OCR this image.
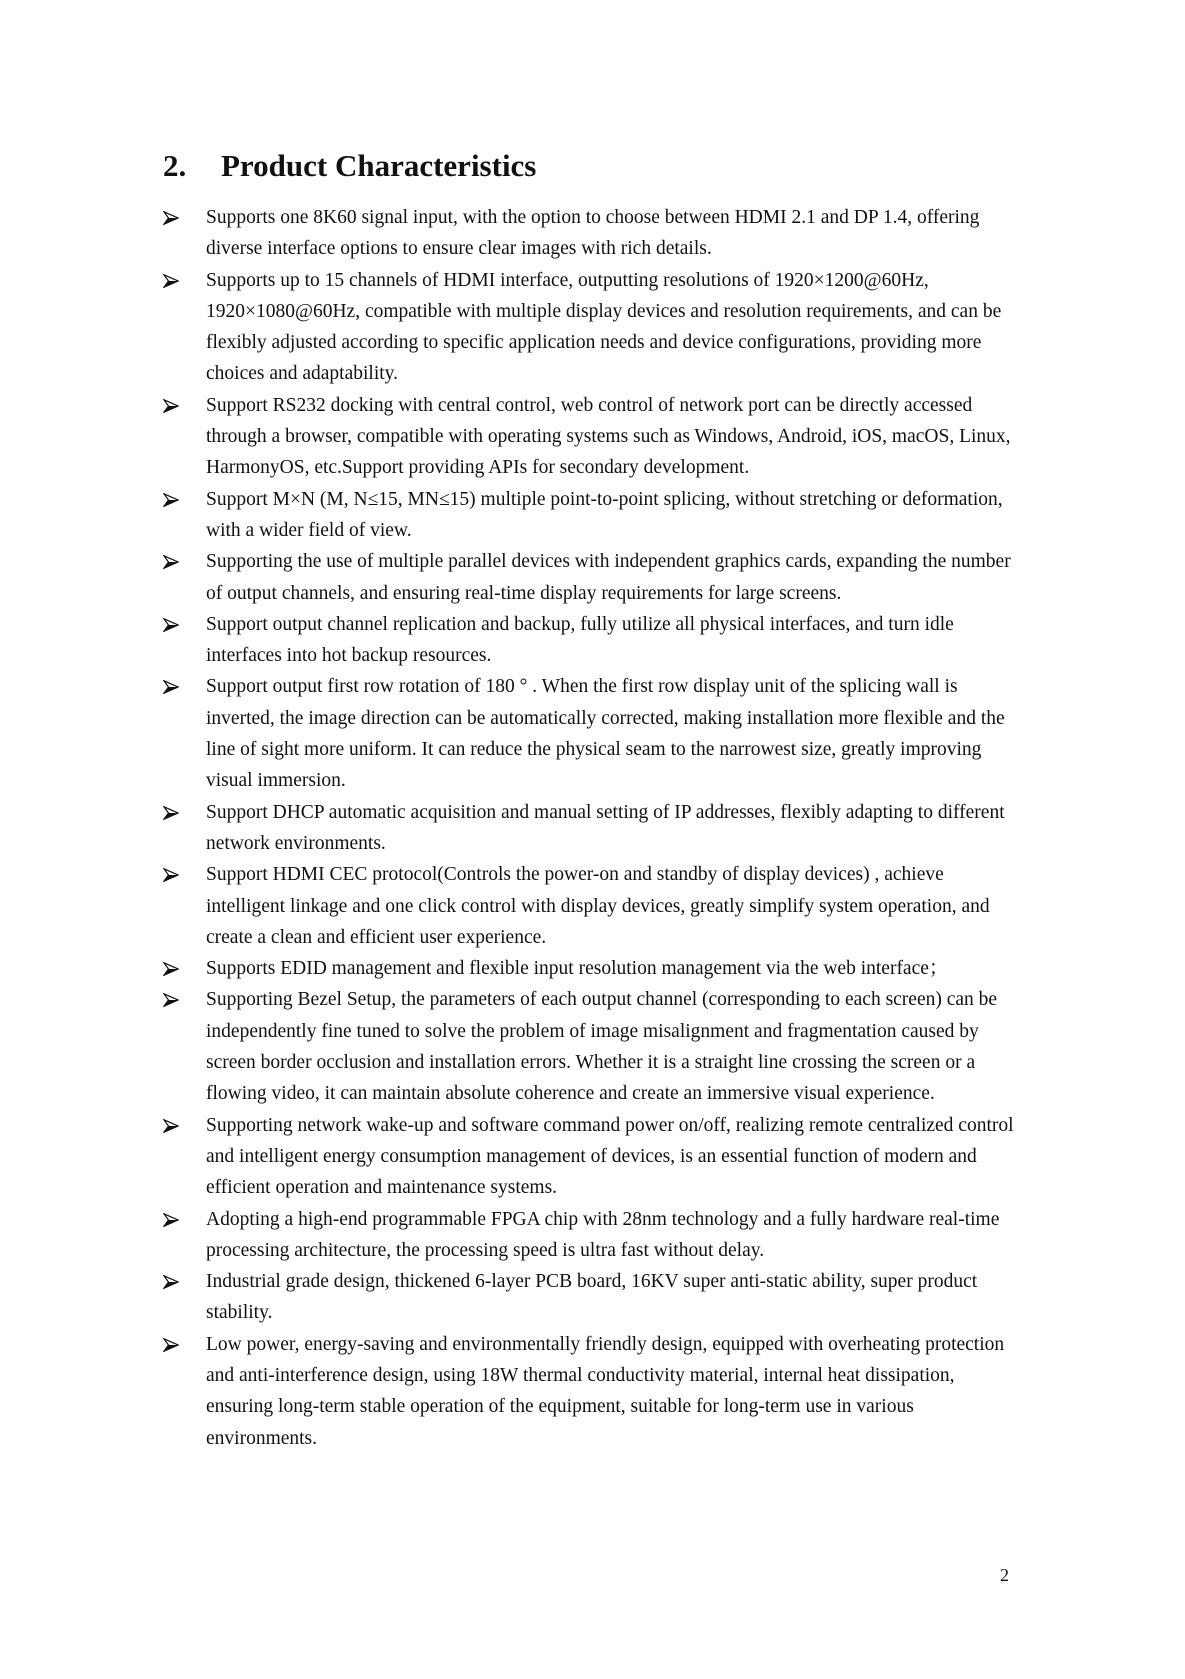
2. Product Characteristics
Supports one 8K60 signal input, with the option to choose between HDMI 2.1 and DP 1.4, offering diverse interface options to ensure clear images with rich details.
Supports up to 15 channels of HDMI interface, outputting resolutions of 1920×1200@60Hz, 1920×1080@60Hz, compatible with multiple display devices and resolution requirements, and can be flexibly adjusted according to specific application needs and device configurations, providing more choices and adaptability.
Support RS232 docking with central control, web control of network port can be directly accessed through a browser, compatible with operating systems such as Windows, Android, iOS, macOS, Linux, HarmonyOS, etc.Support providing APIs for secondary development.
Support M×N (M, N≤15, MN≤15) multiple point-to-point splicing, without stretching or deformation, with a wider field of view.
Supporting the use of multiple parallel devices with independent graphics cards, expanding the number of output channels, and ensuring real-time display requirements for large screens.
Support output channel replication and backup, fully utilize all physical interfaces, and turn idle interfaces into hot backup resources.
Support output first row rotation of 180 ° . When the first row display unit of the splicing wall is inverted, the image direction can be automatically corrected, making installation more flexible and the line of sight more uniform. It can reduce the physical seam to the narrowest size, greatly improving visual immersion.
Support DHCP automatic acquisition and manual setting of IP addresses, flexibly adapting to different network environments.
Support HDMI CEC protocol(Controls the power-on and standby of display devices) , achieve intelligent linkage and one click control with display devices, greatly simplify system operation, and create a clean and efficient user experience.
Supports EDID management and flexible input resolution management via the web interface；
Supporting Bezel Setup, the parameters of each output channel (corresponding to each screen) can be independently fine tuned to solve the problem of image misalignment and fragmentation caused by screen border occlusion and installation errors. Whether it is a straight line crossing the screen or a flowing video, it can maintain absolute coherence and create an immersive visual experience.
Supporting network wake-up and software command power on/off, realizing remote centralized control and intelligent energy consumption management of devices, is an essential function of modern and efficient operation and maintenance systems.
Adopting a high-end programmable FPGA chip with 28nm technology and a fully hardware real-time processing architecture, the processing speed is ultra fast without delay.
Industrial grade design, thickened 6-layer PCB board, 16KV super anti-static ability, super product stability.
Low power, energy-saving and environmentally friendly design, equipped with overheating protection and anti-interference design, using 18W thermal conductivity material, internal heat dissipation, ensuring long-term stable operation of the equipment, suitable for long-term use in various environments.
2
